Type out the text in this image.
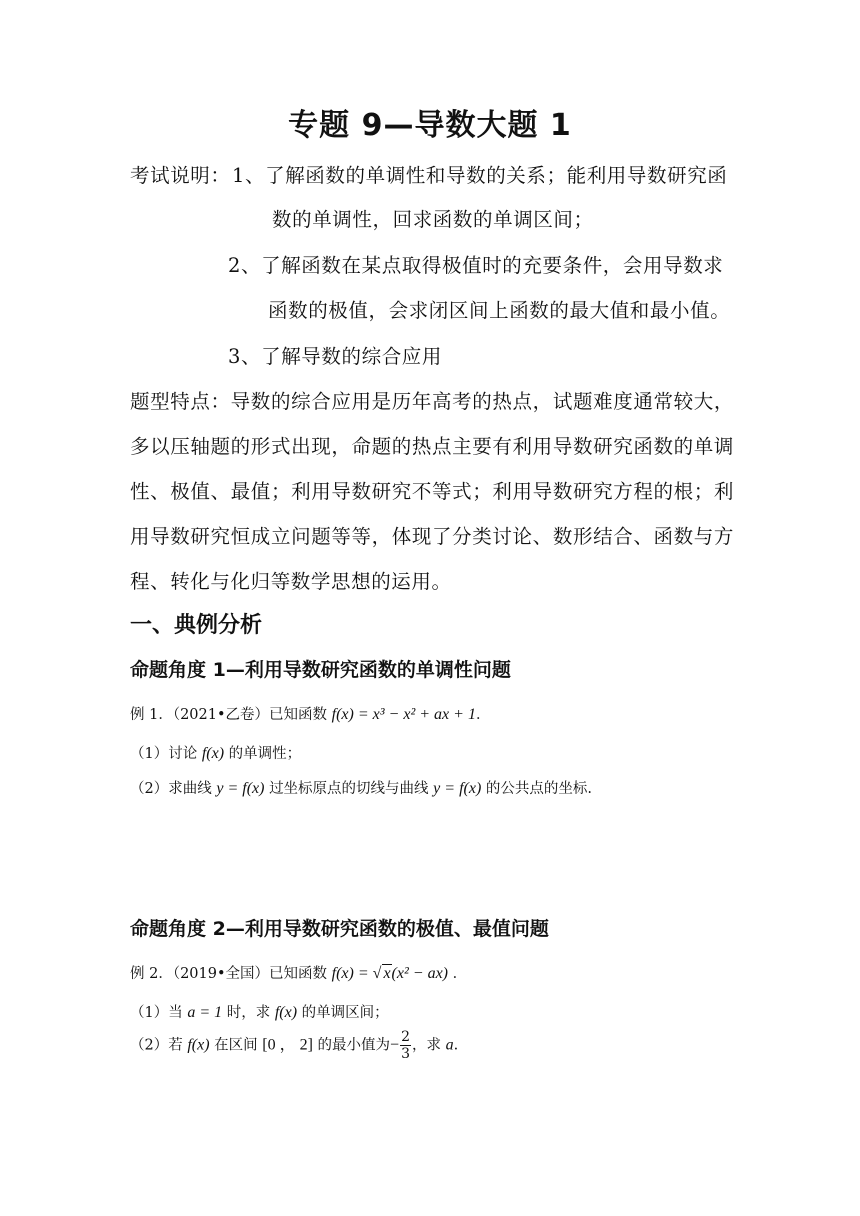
专题 9—导数大题 1
考试说明： 1、了解函数的单调性和导数的关系；能利用导数研究函
数的单调性，回求函数的单调区间；
2、了解函数在某点取得极值时的充要条件，会用导数求
函数的极值，会求闭区间上函数的最大值和最小值。
3、了解导数的综合应用
题型特点：导数的综合应用是历年高考的热点，试题难度通常较大，
多以压轴题的形式出现，命题的热点主要有利用导数研究函数的单调
性、极值、最值；利用导数研究不等式；利用导数研究方程的根；利
用导数研究恒成立问题等等，体现了分类讨论、数形结合、函数与方
程、转化与化归等数学思想的运用。
一、典例分析
命题角度 1—利用导数研究函数的单调性问题
例 1．（2021•乙卷）已知函数 f(x) = x³ − x² + ax + 1．
（1）讨论 f(x) 的单调性；
（2）求曲线 y = f(x) 过坐标原点的切线与曲线 y = f(x) 的公共点的坐标.
命题角度 2—利用导数研究函数的极值、最值问题
例 2．（2019•全国）已知函数 f(x) = √ x(x² − ax) ．
（1）当 a = 1 时，求 f(x) 的单调区间；
（2）若 f(x) 在区间 [0 ， 2] 的最小值为− $\frac{2}{3}$ ，求 a.
